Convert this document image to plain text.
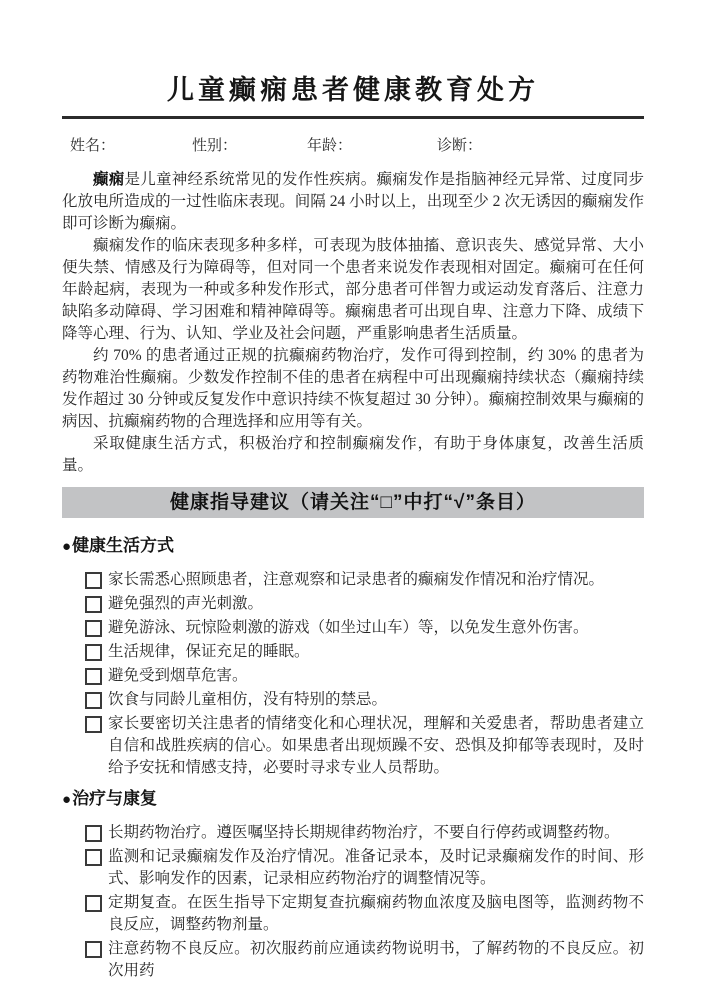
儿童癫痫患者健康教育处方
姓名：	性别：	年龄：	诊断：

癫痫是儿童神经系统常见的发作性疾病。癫痫发作是指脑神经元异常、过度同步化放电所造成的一过性临床表现。间隔 24 小时以上，出现至少 2 次无诱因的癫痫发作即可诊断为癫痫。

癫痫发作的临床表现多种多样，可表现为肢体抽搐、意识丧失、感觉异常、大小便失禁、情感及行为障碍等，但对同一个患者来说发作表现相对固定。癫痫可在任何年龄起病，表现为一种或多种发作形式，部分患者可伴智力或运动发育落后、注意力缺陷多动障碍、学习困难和精神障碍等。癫痫患者可出现自卑、注意力下降、成绩下降等心理、行为、认知、学业及社会问题，严重影响患者生活质量。

约 70% 的患者通过正规的抗癫痫药物治疗，发作可得到控制，约 30% 的患者为药物难治性癫痫。少数发作控制不佳的患者在病程中可出现癫痫持续状态（癫痫持续发作超过 30 分钟或反复发作中意识持续不恢复超过 30 分钟）。癫痫控制效果与癫痫的病因、抗癫痫药物的合理选择和应用等有关。

采取健康生活方式，积极治疗和控制癫痫发作，有助于身体康复，改善生活质量。

健康指导建议（请关注“□”中打“√”条目）
●健康生活方式
家长需悉心照顾患者，注意观察和记录患者的癫痫发作情况和治疗情况。
避免强烈的声光刺激。
避免游泳、玩惊险刺激的游戏（如坐过山车）等，以免发生意外伤害。
生活规律，保证充足的睡眠。
避免受到烟草危害。
饮食与同龄儿童相仿，没有特别的禁忌。
家长要密切关注患者的情绪变化和心理状况，理解和关爱患者，帮助患者建立自信和战胜疾病的信心。如果患者出现烦躁不安、恐惧及抑郁等表现时，及时给予安抚和情感支持，必要时寻求专业人员帮助。
●治疗与康复
长期药物治疗。遵医嘱坚持长期规律药物治疗，不要自行停药或调整药物。
监测和记录癫痫发作及治疗情况。准备记录本，及时记录癫痫发作的时间、形式、影响发作的因素，记录相应药物治疗的调整情况等。
定期复查。在医生指导下定期复查抗癫痫药物血浓度及脑电图等，监测药物不良反应，调整药物剂量。
注意药物不良反应。初次服药前应通读药物说明书，了解药物的不良反应。初次用药
